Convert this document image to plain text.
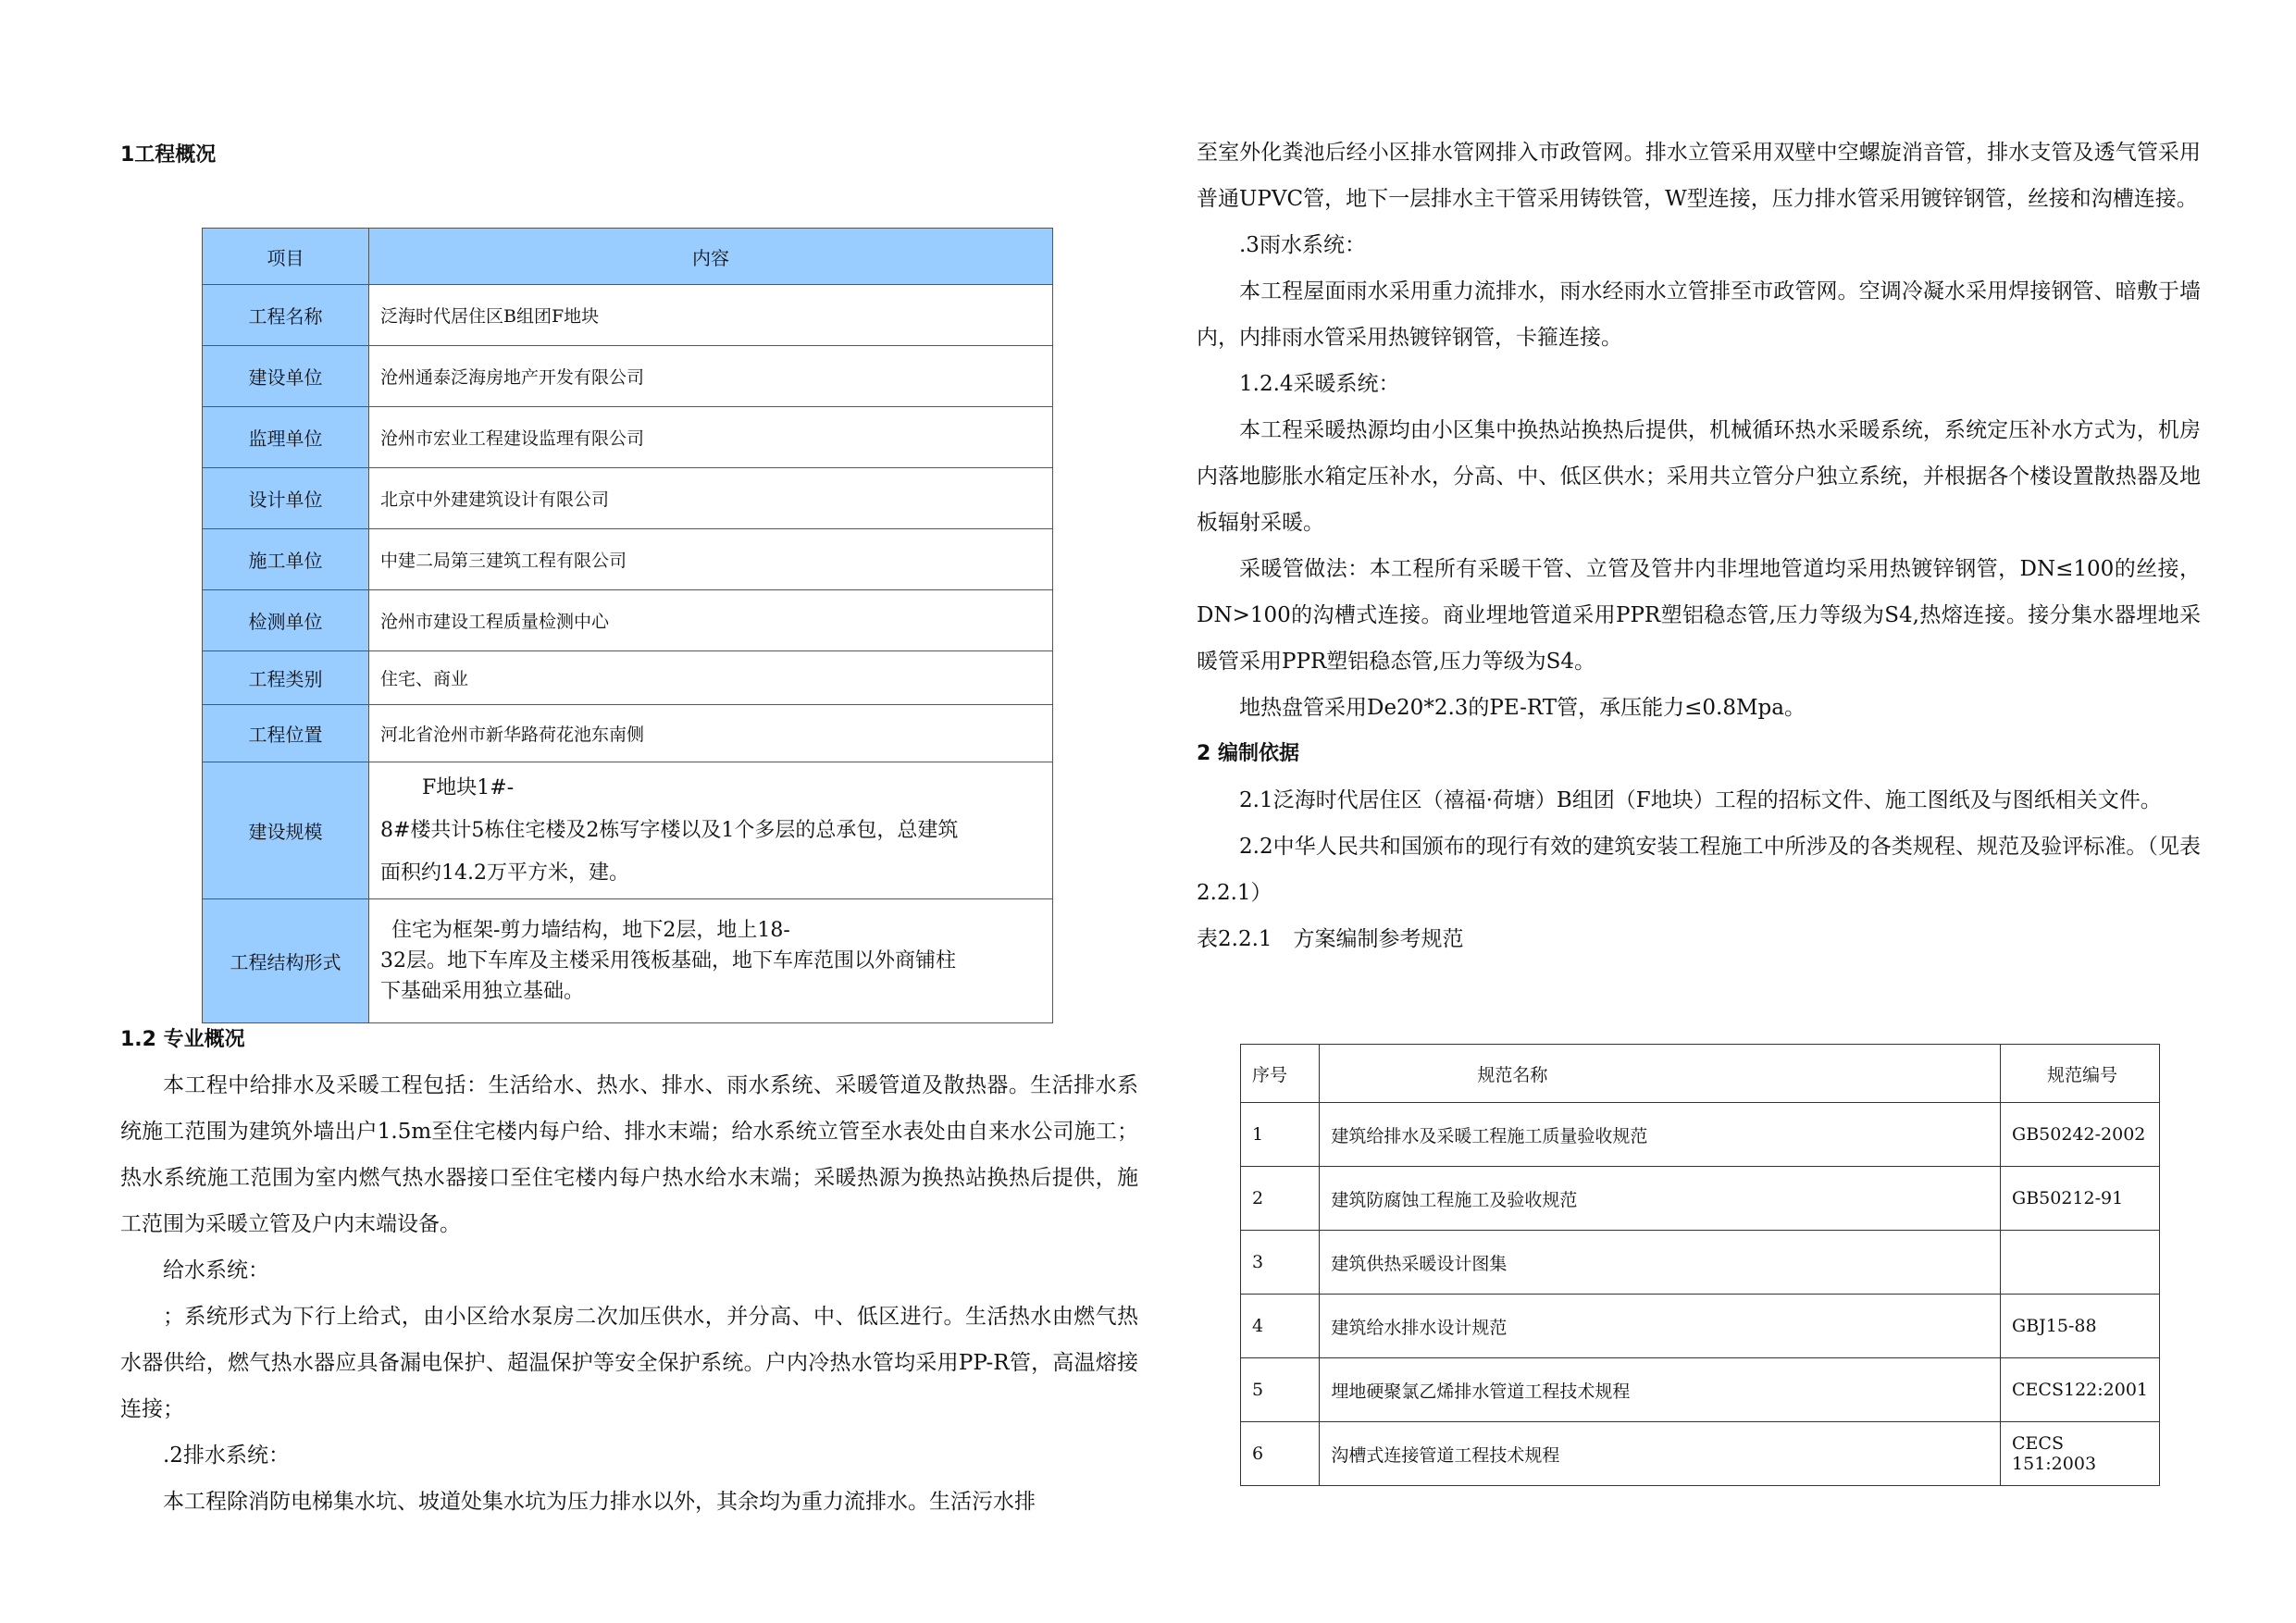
1工程概况
项目	内容
工程名称	泛海时代居住区B组团F地块
建设单位	沧州通泰泛海房地产开发有限公司
监理单位	沧州市宏业工程建设监理有限公司
设计单位	北京中外建建筑设计有限公司
施工单位	中建二局第三建筑工程有限公司
检测单位	沧州市建设工程质量检测中心
工程类别	住宅、商业
工程位置	河北省沧州市新华路荷花池东南侧
建设规模	F地块1#-
8#楼共计5栋住宅楼及2栋写字楼以及1个多层的总承包，总建筑
面积约14.2万平方米，建。

工程结构形式	住宅为框架-剪力墙结构，地下2层，地上18-
32层。地下车库及主楼采用筏板基础，地下车库范围以外商铺柱
下基础采用独立基础。
1.2 专业概况

本工程中给排水及采暖工程包括：生活给水、热水、排水、雨水系统、采暖管道及散热器。生活排水系统施工范围为建筑外墙出户1.5m至住宅楼内每户给、排水末端；给水系统立管至水表处由自来水公司施工；热水系统施工范围为室内燃气热水器接口至住宅楼内每户热水给水末端；采暖热源为换热站换热后提供，施工范围为采暖立管及户内末端设备。

给水系统：

；系统形式为下行上给式，由小区给水泵房二次加压供水，并分高、中、低区进行。生活热水由燃气热水器供给，燃气热水器应具备漏电保护、超温保护等安全保护系统。户内冷热水管均采用PP-R管，高温熔接连接；

.2排水系统：

本工程除消防电梯集水坑、坡道处集水坑为压力排水以外，其余均为重力流排水。生活污水排

至室外化粪池后经小区排水管网排入市政管网。排水立管采用双壁中空螺旋消音管，排水支管及透气管采用普通UPVC管，地下一层排水主干管采用铸铁管，W型连接，压力排水管采用镀锌钢管，丝接和沟槽连接。

.3雨水系统：

本工程屋面雨水采用重力流排水，雨水经雨水立管排至市政管网。空调冷凝水采用焊接钢管、暗敷于墙内，内排雨水管采用热镀锌钢管，卡箍连接。

1.2.4采暖系统：

本工程采暖热源均由小区集中换热站换热后提供，机械循环热水采暖系统，系统定压补水方式为，机房内落地膨胀水箱定压补水，分高、中、低区供水；采用共立管分户独立系统，并根据各个楼设置散热器及地板辐射采暖。

采暖管做法：本工程所有采暖干管、立管及管井内非埋地管道均采用热镀锌钢管，DN≤100的丝接，DN>100的沟槽式连接。商业埋地管道采用PPR塑铝稳态管,压力等级为S4,热熔连接。接分集水器埋地采暖管采用PPR塑铝稳态管,压力等级为S4。

地热盘管采用De20*2.3的PE-RT管，承压能力≤0.8Mpa。

2 编制依据

2.1泛海时代居住区（禧福·荷塘）B组团（F地块）工程的招标文件、施工图纸及与图纸相关文件。

2.2中华人民共和国颁布的现行有效的建筑安装工程施工中所涉及的各类规程、规范及验评标准。（见表2.2.1）

表2.2.1　方案编制参考规范

序号	规范名称	规范编号
1	建筑给排水及采暖工程施工质量验收规范	GB50242-2002
2	建筑防腐蚀工程施工及验收规范	GB50212-91
3	建筑供热采暖设计图集	
4	建筑给水排水设计规范	GBJ15-88
5	埋地硬聚氯乙烯排水管道工程技术规程	CECS122:2001
6	沟槽式连接管道工程技术规程	CECS 151:2003
